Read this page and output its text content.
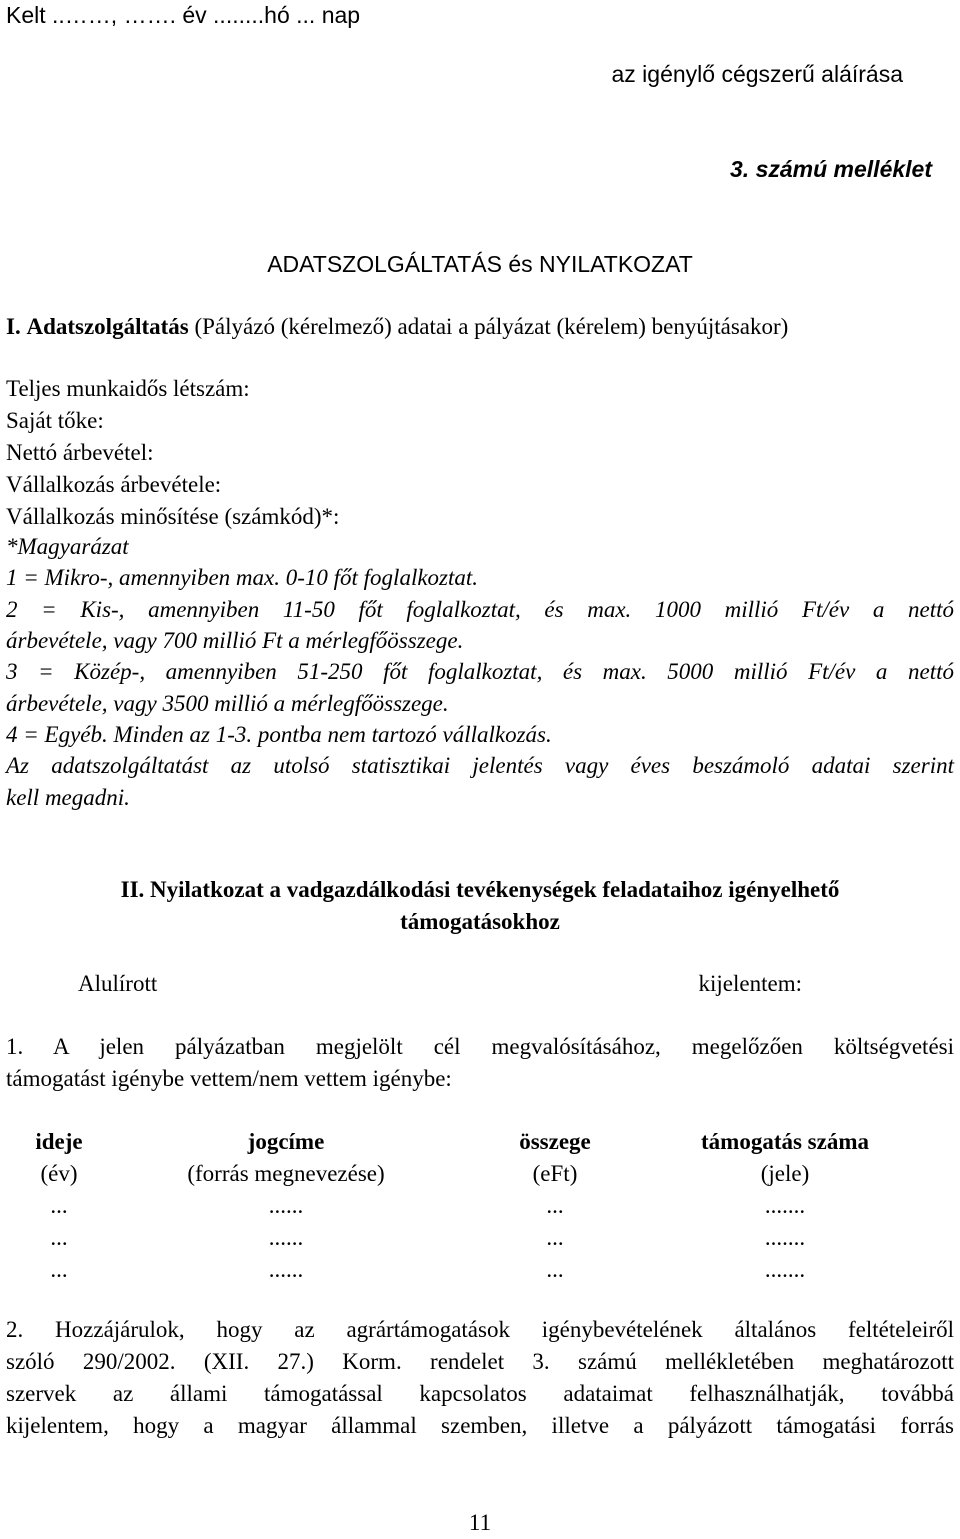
Kelt ..……, ……. év ........hó ... nap
az igénylő cégszerű aláírása
3. számú melléklet
ADATSZOLGÁLTATÁS és NYILATKOZAT
I. Adatszolgáltatás (Pályázó (kérelmező) adatai a pályázat (kérelem) benyújtásakor)
Teljes munkaidős létszám:
Saját tőke:
Nettó árbevétel:
Vállalkozás árbevétele:
Vállalkozás minősítése (számkód)*:
*Magyarázat
1 = Mikro-, amennyiben max. 0-10 főt foglalkoztat.
2 = Kis-, amennyiben 11-50 főt foglalkoztat, és max. 1000 millió Ft/év a nettó
árbevétele, vagy 700 millió Ft a mérlegfőösszege.
3 = Közép-, amennyiben 51-250 főt foglalkoztat, és max. 5000 millió Ft/év a nettó
árbevétele, vagy 3500 millió a mérlegfőösszege.
4 = Egyéb. Minden az 1-3. pontba nem tartozó vállalkozás.
Az adatszolgáltatást az utolsó statisztikai jelentés vagy éves beszámoló adatai szerint
kell megadni.
II. Nyilatkozat a vadgazdálkodási tevékenységek feladataihoz igényelhető
támogatásokhoz
Alulírott	kijelentem:
1. A jelen pályázatban megjelölt cél megvalósításához, megelőzően költségvetési
támogatást igénybe vettem/nem vettem igénybe:
ideje	jogcíme	összege	támogatás száma
(év)	(forrás megnevezése)	(eFt)	(jele)
...	......	...	.......
...	......	...	.......
...	......	...	.......
2. Hozzájárulok, hogy az agrártámogatások igénybevételének általános feltételeiről
szóló 290/2002. (XII. 27.) Korm. rendelet 3. számú mellékletében meghatározott
szervek az állami támogatással kapcsolatos adataimat felhasználhatják, továbbá
kijelentem, hogy a magyar állammal szemben, illetve a pályázott támogatási forrás
11
